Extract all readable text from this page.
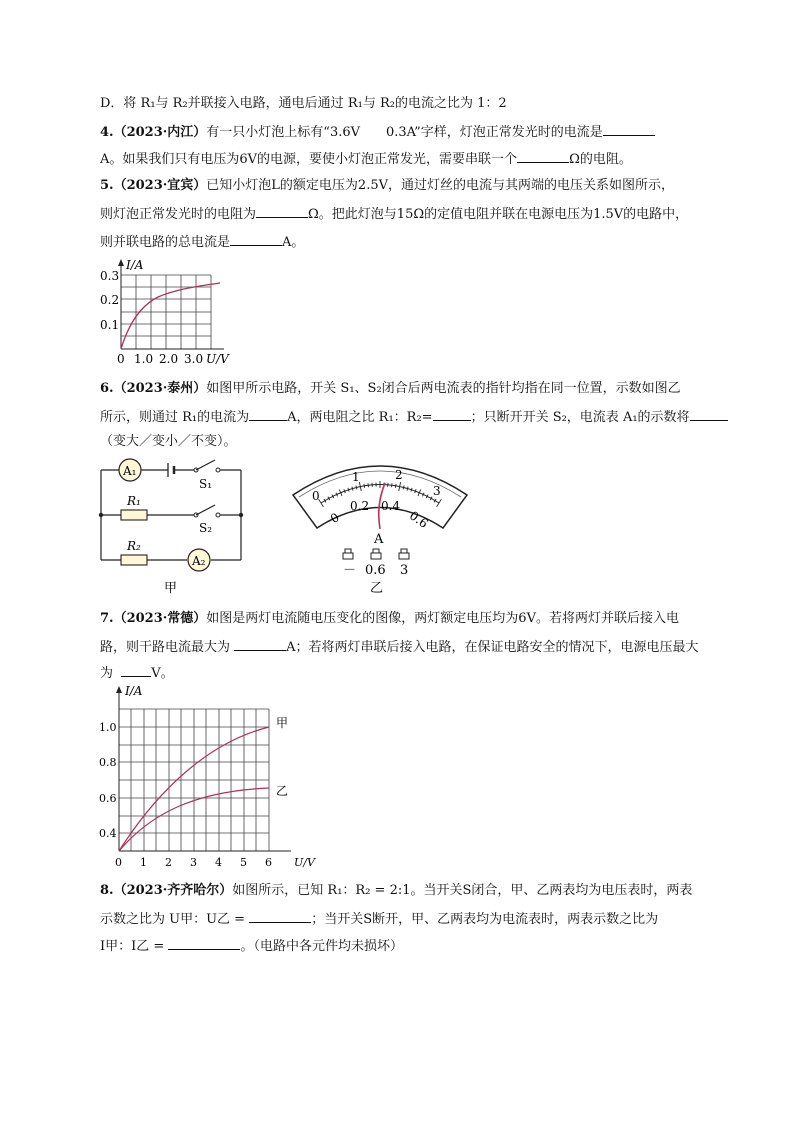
D．将 R₁与 R₂并联接入电路，通电后通过 R₁与 R₂的电流之比为 1：2
4.（2023·内江）有一只小灯泡上标有“3.6V　　0.3A”字样，灯泡正常发光时的电流是
A。如果我们只有电压为6V的电源，要使小灯泡正常发光，需要串联一个	Ω的电阻。
5.（2023·宜宾）已知小灯泡L的额定电压为2.5V，通过灯丝的电流与其两端的电压关系如图所示，
则灯泡正常发光时的电阻为	Ω。把此灯泡与15Ω的定值电阻并联在电源电压为1.5V的电路中，
则并联电路的总电流是	A。
I/A
0.3
0.2
0.1
0 1.0 2.0 3.0 U/V
6.（2023·泰州）如图甲所示电路，开关 S₁、S₂闭合后两电流表的指针均指在同一位置，示数如图乙
所示，则通过 R₁的电流为	A，两电阻之比 R₁：R₂=	；只断开开关 S₂，电流表 A₁的示数将
（变大／变小／不变）。
A₁
A₂
S₁
S₂
R₁
R₂
甲
0
1	2
3
0
0.2 0.4
0.6
A
－ 0.6 3
乙
7.（2023·常德）如图是两灯电流随电压变化的图像，两灯额定电压均为6V。若将两灯并联后接入电
路，则干路电流最大为	A；若将两灯串联后接入电路，在保证电路安全的情况下，电源电压最大
为	V。
I/A
1.0
0.8
0.6
0.4
0 1 2 3 4 5 6 U/V
甲
乙
8.（2023·齐齐哈尔）如图所示，已知 R₁：R₂ = 2:1。当开关S闭合，甲、乙两表均为电压表时，两表
示数之比为 U甲：U乙 =	；当开关S断开，甲、乙两表均为电流表时，两表示数之比为
I甲：I乙 =	。（电路中各元件均未损坏）
